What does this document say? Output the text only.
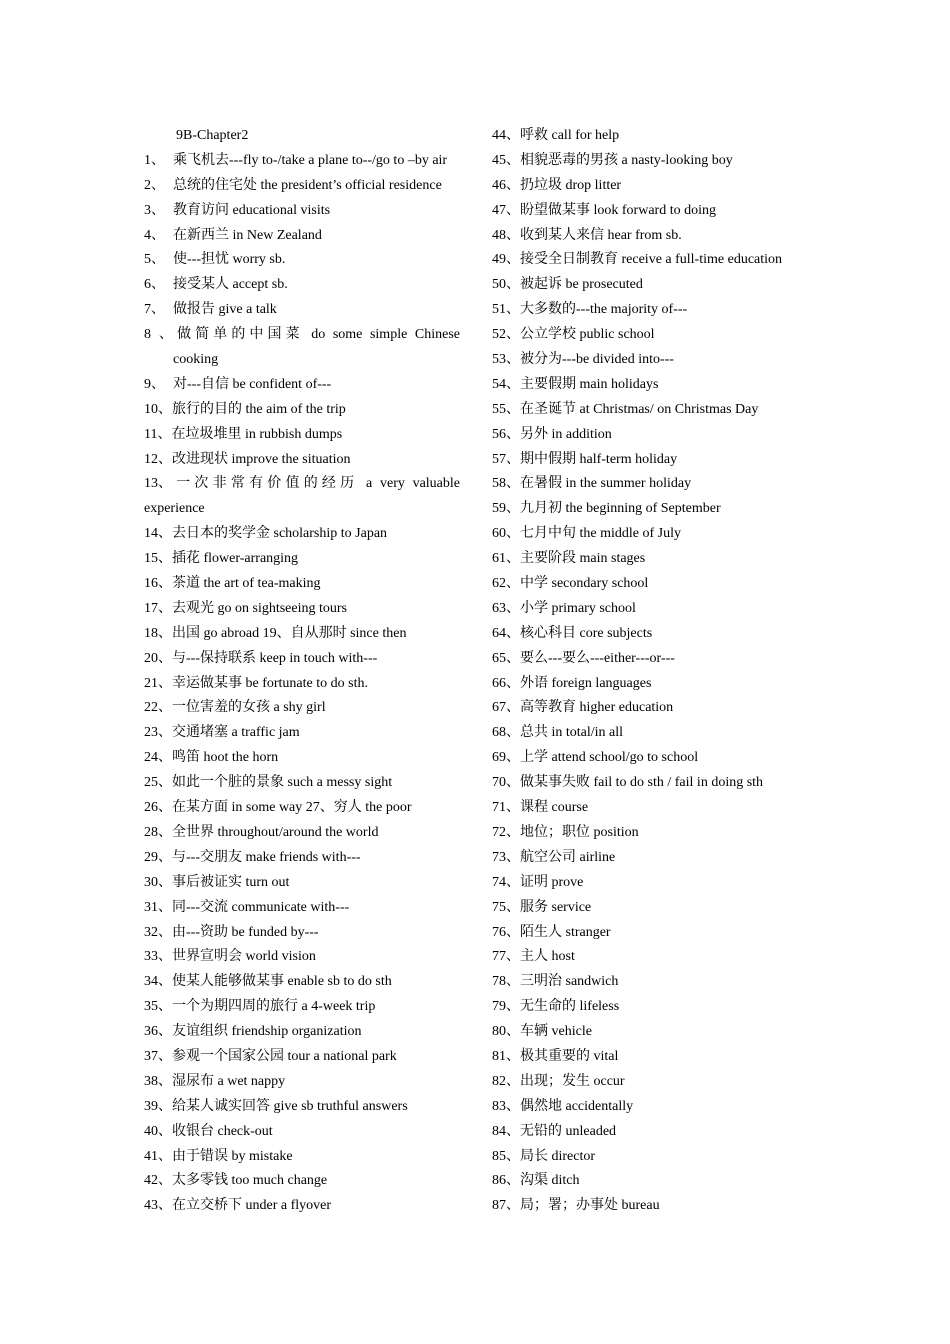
9B-Chapter2
1、 乘飞机去---fly to-/take a plane to--/go to –by air
2、 总统的住宅处 the president’s official residence
3、 教育访问 educational visits
4、 在新西兰 in New Zealand
5、 使---担忧 worry sb.
6、 接受某人 accept sb.
7、 做报告 give a talk
8、做简单的中国菜 do some simple Chinese
cooking
9、 对---自信 be confident of---
10、旅行的目的 the aim of the trip
11、在垃圾堆里 in rubbish dumps
12、改进现状 improve the situation
13、一次非常有价值的经历 a very valuable
experience
14、去日本的奖学金 scholarship to Japan
15、插花 flower-arranging
16、茶道 the art of tea-making
17、去观光 go on sightseeing tours
18、出国 go abroad 19、自从那时 since then
20、与---保持联系 keep in touch with---
21、幸运做某事 be fortunate to do sth.
22、一位害羞的女孩 a shy girl
23、交通堵塞 a traffic jam
24、鸣笛 hoot the horn
25、如此一个脏的景象 such a messy sight
26、在某方面 in some way 27、穷人 the poor
28、全世界 throughout/around the world
29、与---交朋友 make friends with---
30、事后被证实 turn out
31、同---交流 communicate with---
32、由---资助 be funded by---
33、世界宣明会 world vision
34、使某人能够做某事 enable sb to do sth
35、一个为期四周的旅行 a 4-week trip
36、友谊组织 friendship organization
37、参观一个国家公园 tour a national park
38、湿尿布 a wet nappy
39、给某人诚实回答 give sb truthful answers
40、收银台 check-out
41、由于错误 by mistake
42、太多零钱 too much change
43、在立交桥下 under a flyover
44、呼救 call for help
45、相貌恶毒的男孩 a nasty-looking boy
46、扔垃圾 drop litter
47、盼望做某事 look forward to doing
48、收到某人来信 hear from sb.
49、接受全日制教育 receive a full-time education
50、被起诉 be prosecuted
51、大多数的---the majority of---
52、公立学校 public school
53、被分为---be divided into---
54、主要假期 main holidays
55、在圣诞节 at Christmas/ on Christmas Day
56、另外 in addition
57、期中假期 half-term holiday
58、在暑假 in the summer holiday
59、九月初 the beginning of September
60、七月中旬 the middle of July
61、主要阶段 main stages
62、中学 secondary school
63、小学 primary school
64、核心科目 core subjects
65、要么---要么---either---or---
66、外语 foreign languages
67、高等教育 higher education
68、总共 in total/in all
69、上学 attend school/go to school
70、做某事失败 fail to do sth / fail in doing sth
71、课程 course
72、地位；职位 position
73、航空公司 airline
74、证明 prove
75、服务 service
76、陌生人 stranger
77、主人 host
78、三明治 sandwich
79、无生命的 lifeless
80、车辆 vehicle
81、极其重要的 vital
82、出现；发生 occur
83、偶然地 accidentally
84、无铅的 unleaded
85、局长 director
86、沟渠 ditch
87、局；署；办事处 bureau
